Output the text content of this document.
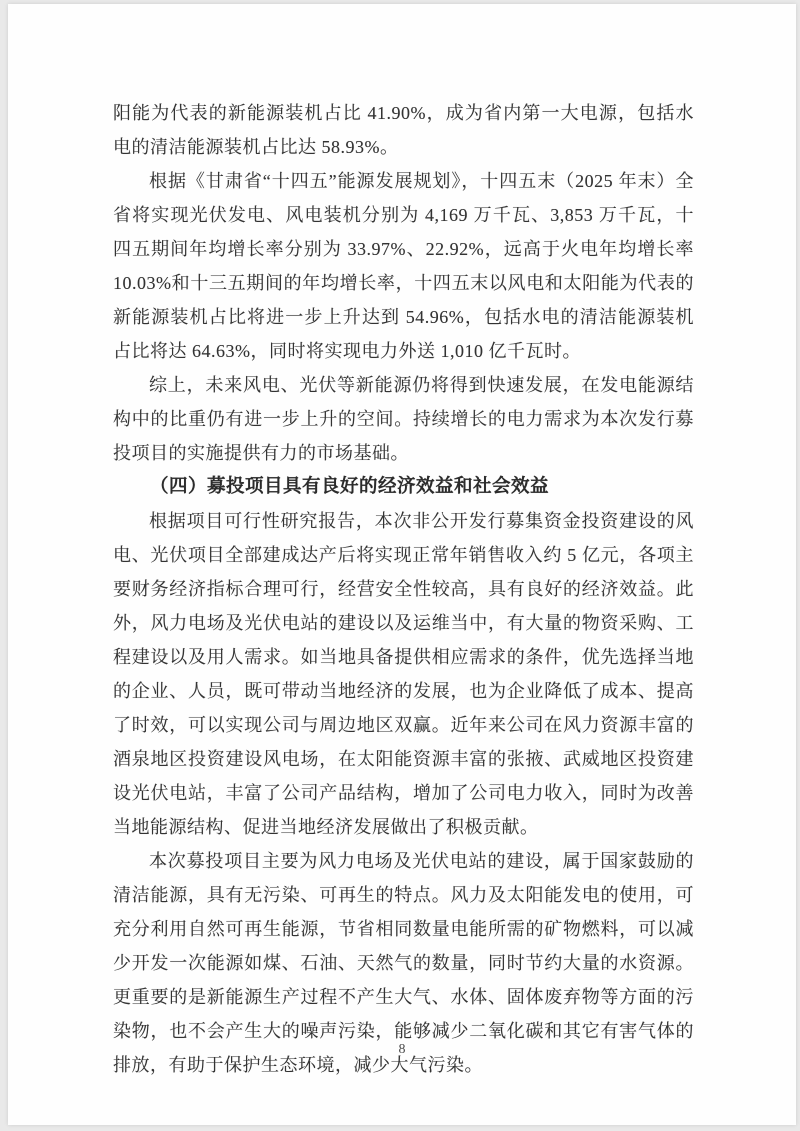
阳能为代表的新能源装机占比 41.90%，成为省内第一大电源，包括水电的清洁能源装机占比达 58.93%。

根据《甘肃省“十四五”能源发展规划》，十四五末（2025 年末）全省将实现光伏发电、风电装机分别为 4,169 万千瓦、3,853 万千瓦，十四五期间年均增长率分别为 33.97%、22.92%，远高于火电年均增长率 10.03%和十三五期间的年均增长率，十四五末以风电和太阳能为代表的新能源装机占比将进一步上升达到 54.96%，包括水电的清洁能源装机占比将达 64.63%，同时将实现电力外送 1,010 亿千瓦时。

综上，未来风电、光伏等新能源仍将得到快速发展，在发电能源结构中的比重仍有进一步上升的空间。持续增长的电力需求为本次发行募投项目的实施提供有力的市场基础。

（四）募投项目具有良好的经济效益和社会效益

根据项目可行性研究报告，本次非公开发行募集资金投资建设的风电、光伏项目全部建成达产后将实现正常年销售收入约 5 亿元，各项主要财务经济指标合理可行，经营安全性较高，具有良好的经济效益。此外，风力电场及光伏电站的建设以及运维当中，有大量的物资采购、工程建设以及用人需求。如当地具备提供相应需求的条件，优先选择当地的企业、人员，既可带动当地经济的发展，也为企业降低了成本、提高了时效，可以实现公司与周边地区双赢。近年来公司在风力资源丰富的酒泉地区投资建设风电场，在太阳能资源丰富的张掖、武威地区投资建设光伏电站，丰富了公司产品结构，增加了公司电力收入，同时为改善当地能源结构、促进当地经济发展做出了积极贡献。

本次募投项目主要为风力电场及光伏电站的建设，属于国家鼓励的清洁能源，具有无污染、可再生的特点。风力及太阳能发电的使用，可充分利用自然可再生能源，节省相同数量电能所需的矿物燃料，可以减少开发一次能源如煤、石油、天然气的数量，同时节约大量的水资源。更重要的是新能源生产过程不产生大气、水体、固体废弃物等方面的污染物，也不会产生大的噪声污染，能够减少二氧化碳和其它有害气体的排放，有助于保护生态环境，减少大气污染。

8
